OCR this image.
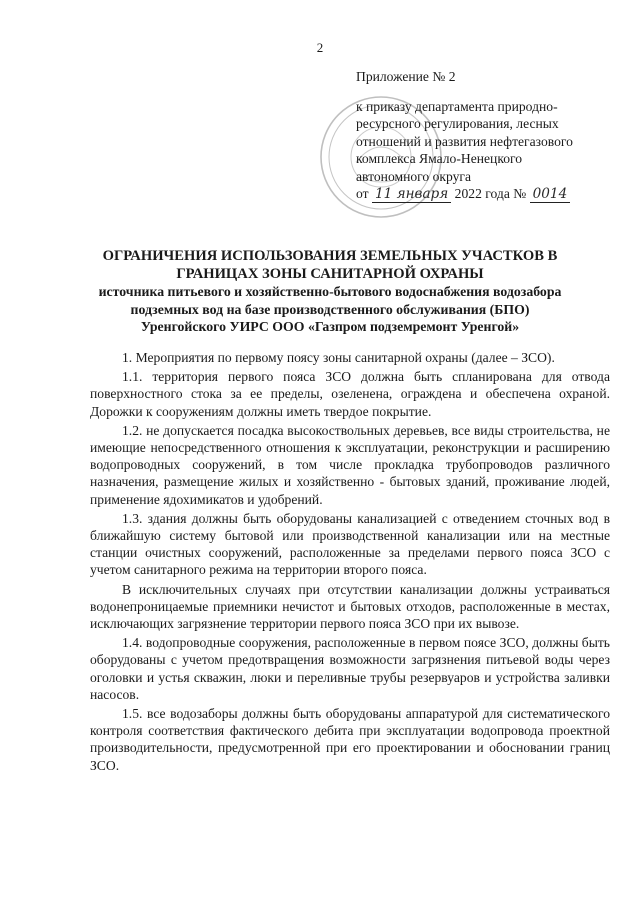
2
Приложение № 2
к приказу департамента природно-
ресурсного регулирования, лесных
отношений и развития нефтегазового
комплекса Ямало-Ненецкого
автономного округа
от 11 января 2022 года № 0014
ОГРАНИЧЕНИЯ ИСПОЛЬЗОВАНИЯ ЗЕМЕЛЬНЫХ УЧАСТКОВ В
ГРАНИЦАХ ЗОНЫ САНИТАРНОЙ ОХРАНЫ
источника питьевого и хозяйственно-бытового водоснабжения водозабора
подземных вод на базе производственного обслуживания (БПО)
Уренгойского УИРС ООО «Газпром подземремонт Уренгой»

1. Мероприятия по первому поясу зоны санитарной охраны (далее – ЗСО).

1.1. территория первого пояса ЗСО должна быть спланирована для отвода поверхностного стока за ее пределы, озеленена, ограждена и обеспечена охраной. Дорожки к сооружениям должны иметь твердое покрытие.

1.2. не допускается посадка высокоствольных деревьев, все виды строительства, не имеющие непосредственного отношения к эксплуатации, реконструкции и расширению водопроводных сооружений, в том числе прокладка трубопроводов различного назначения, размещение жилых и хозяйственно - бытовых зданий, проживание людей, применение ядохимикатов и удобрений.

1.3. здания должны быть оборудованы канализацией с отведением сточных вод в ближайшую систему бытовой или производственной канализации или на местные станции очистных сооружений, расположенные за пределами первого пояса ЗСО с учетом санитарного режима на территории второго пояса.

В исключительных случаях при отсутствии канализации должны устраиваться водонепроницаемые приемники нечистот и бытовых отходов, расположенные в местах, исключающих загрязнение территории первого пояса ЗСО при их вывозе.

1.4. водопроводные сооружения, расположенные в первом поясе ЗСО, должны быть оборудованы с учетом предотвращения возможности загрязнения питьевой воды через оголовки и устья скважин, люки и переливные трубы резервуаров и устройства заливки насосов.

1.5. все водозаборы должны быть оборудованы аппаратурой для систематического контроля соответствия фактического дебита при эксплуатации водопровода проектной производительности, предусмотренной при его проектировании и обосновании границ ЗСО.
